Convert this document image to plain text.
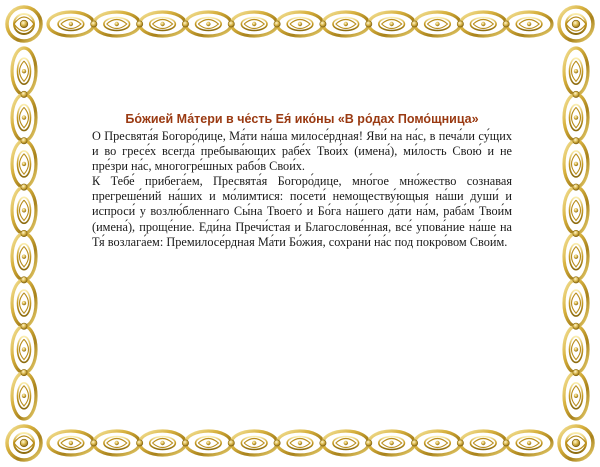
Бо́жией Ма́тери в че́сть Ея́ ико́ны «В ро́дах Помо́щница»

О Пресвята́я Богоро́дице, Ма́ти на́ша милосе́рдная! Яви́ на на́с, в печа́ли су́щих и во гресе́х всегда́ пребыва́ющих рабе́х Твои́х (имена́), ми́лость Свою́ и не пре́зри на́с, многогре́шных рабо́в Свои́х.

К Тебе́ прибега́ем, Пресвята́я Богоро́дице, мно́гое мно́жество сознавая прегреше́ний на́ших и мо́лимтися: посети́ немоществу́ющыя на́ши души́ и испроси́ у возлю́бленнаго Сы́на Твоего́ и Бо́га на́шего да́ти на́м, раба́м Твои́м (имена́), проще́ние. Еди́на Пречи́стая и Благослове́нная, все́ упова́ние на́ше на Тя́ возлага́ем: Премилосе́рдная Ма́ти Бо́жия, сохрани́ на́с под покро́вом Свои́м.
